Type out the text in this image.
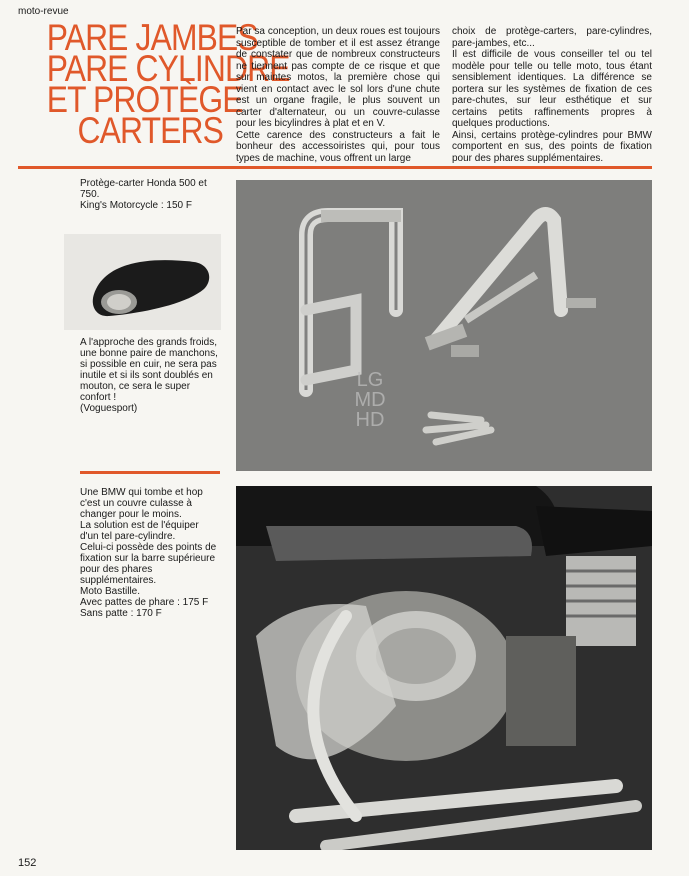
moto-revue
PARE JAMBES
PARE CYLINDRE
ET PROTÈGE
CARTERS
Par sa conception, un deux roues est toujours susceptible de tomber et il est assez étrange de constater que de nombreux constructeurs ne tiennent pas compte de ce risque et que sur maintes motos, la première chose qui vient en contact avec le sol lors d'une chute est un organe fragile, le plus souvent un carter d'alternateur, ou un couvre-culasse pour les bicylindres à plat et en V.
Cette carence des constructeurs a fait le bonheur des accessoiristes qui, pour tous types de machine, vous offrent un large
choix de protège-carters, pare-cylindres, pare-jambes, etc...
Il est difficile de vous conseiller tel ou tel modèle pour telle ou telle moto, tous étant sensiblement identiques. La différence se portera sur les systèmes de fixation de ces pare-chutes, sur leur esthétique et sur certains petits raffinements propres à quelques productions.
Ainsi, certains protège-cylindres pour BMW comportent en sus, des points de fixation pour des phares supplémentaires.
Protège-carter Honda 500 et 750.
King's Motorcycle : 150 F
A l'approche des grands froids, une bonne paire de manchons, si possible en cuir, ne sera pas inutile et si ils sont doublés en mouton, ce sera le super confort !
(Voguesport)
Une BMW qui tombe et hop c'est un couvre culasse à changer pour le moins.
La solution est de l'équiper d'un tel pare-cylindre.
Celui-ci possède des points de fixation sur la barre supérieure pour des phares supplémentaires.
Moto Bastille.
Avec pattes de phare : 175 F
Sans patte : 170 F
LG
MD
HD
152
